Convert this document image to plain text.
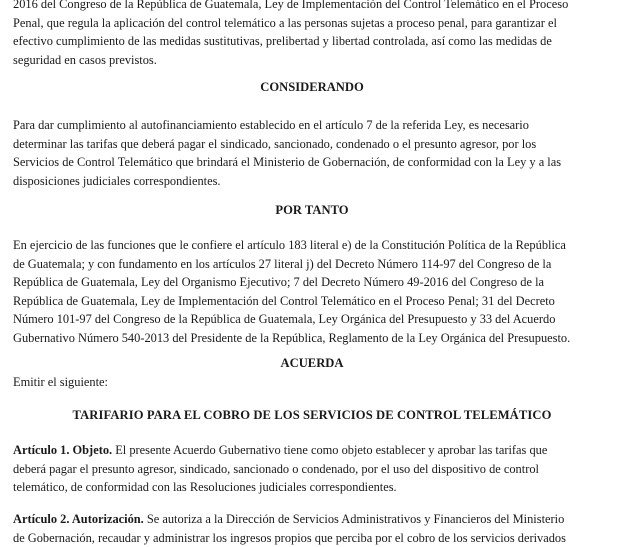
2016 del Congreso de la República de Guatemala, Ley de Implementación del Control Telemático en el Proceso
Penal, que regula la aplicación del control telemático a las personas sujetas a proceso penal, para garantizar el
efectivo cumplimiento de las medidas sustitutivas, prelibertad y libertad controlada, así como las medidas de
seguridad en casos previstos.

CONSIDERANDO

Para dar cumplimiento al autofinanciamiento establecido en el artículo 7 de la referida Ley, es necesario
determinar las tarifas que deberá pagar el sindicado, sancionado, condenado o el presunto agresor, por los
Servicios de Control Telemático que brindará el Ministerio de Gobernación, de conformidad con la Ley y a las
disposiciones judiciales correspondientes.

POR TANTO

En ejercicio de las funciones que le confiere el artículo 183 literal e) de la Constitución Política de la República
de Guatemala; y con fundamento en los artículos 27 literal j) del Decreto Número 114-97 del Congreso de la
República de Guatemala, Ley del Organismo Ejecutivo; 7 del Decreto Número 49-2016 del Congreso de la
República de Guatemala, Ley de Implementación del Control Telemático en el Proceso Penal; 31 del Decreto
Número 101-97 del Congreso de la República de Guatemala, Ley Orgánica del Presupuesto y 33 del Acuerdo
Gubernativo Número 540-2013 del Presidente de la República, Reglamento de la Ley Orgánica del Presupuesto.

ACUERDA

Emitir el siguiente:

TARIFARIO PARA EL COBRO DE LOS SERVICIOS DE CONTROL TELEMÁTICO

Artículo 1. Objeto. El presente Acuerdo Gubernativo tiene como objeto establecer y aprobar las tarifas que
deberá pagar el presunto agresor, sindicado, sancionado o condenado, por el uso del dispositivo de control
telemático, de conformidad con las Resoluciones judiciales correspondientes.

Artículo 2. Autorización. Se autoriza a la Dirección de Servicios Administrativos y Financieros del Ministerio
de Gobernación, recaudar y administrar los ingresos propios que perciba por el cobro de los servicios derivados
